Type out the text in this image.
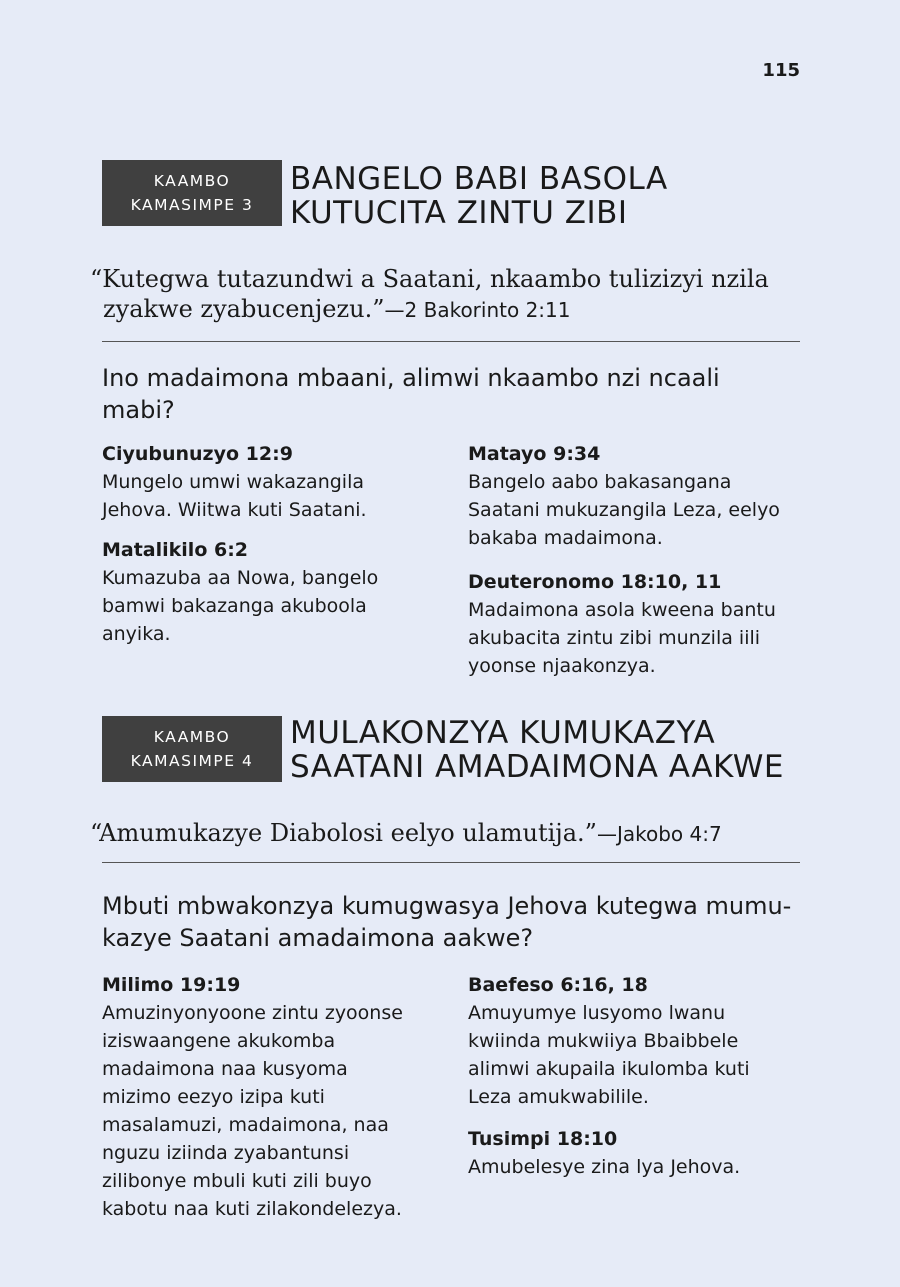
115
KAAMBO
KAMASIMPE 3
BANGELO BABI BASOLA
KUTUCITA ZINTU ZIBI
“Kutegwa tutazundwi a Saatani, nkaambo tulizizyi nzila
zyakwe zyabucenjezu.”—2 Bakorinto 2:11
Ino madaimona mbaani, alimwi nkaambo nzi ncaali
mabi?
Ciyubunuzyo 12:9
Mungelo umwi wakazangila
Jehova. Wiitwa kuti Saatani.
Matalikilo 6:2
Kumazuba aa Nowa, bangelo
bamwi bakazanga akuboola
anyika.
Matayo 9:34
Bangelo aabo bakasangana
Saatani mukuzangila Leza, eelyo
bakaba madaimona.
Deuteronomo 18:10, 11
Madaimona asola kweena bantu
akubacita zintu zibi munzila iili
yoonse njaakonzya.
KAAMBO
KAMASIMPE 4
MULAKONZYA KUMUKAZYA
SAATANI AMADAIMONA AAKWE
“Amumukazye Diabolosi eelyo ulamutija.”—Jakobo 4:7
Mbuti mbwakonzya kumugwasya Jehova kutegwa mumu-
kazye Saatani amadaimona aakwe?
Milimo 19:19
Amuzinyonyoone zintu zyoonse
iziswaangene akukomba
madaimona naa kusyoma
mizimo eezyo izipa kuti
masalamuzi, madaimona, naa
nguzu iziinda zyabantunsi
zilibonye mbuli kuti zili buyo
kabotu naa kuti zilakondelezya.
Baefeso 6:16, 18
Amuyumye lusyomo lwanu
kwiinda mukwiiya Bbaibbele
alimwi akupaila ikulomba kuti
Leza amukwabilile.
Tusimpi 18:10
Amubelesye zina lya Jehova.
